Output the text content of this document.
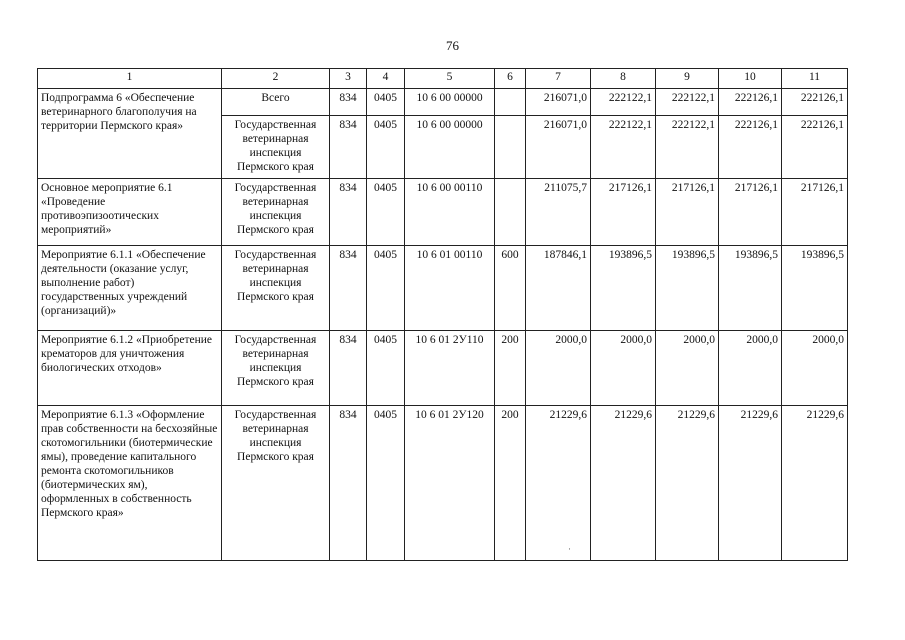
76
1	2	3	4	5	6	7	8	9	10	11
Подпрограмма 6 «Обеспечение ветеринарного благополучия на территории Пермского края»	Всего	834	0405	10 6 00 00000		216071,0	222122,1	222122,1	222126,1	222126,1
	Государственная ветеринарная инспекция Пермского края	834	0405	10 6 00 00000		216071,0	222122,1	222122,1	222126,1	222126,1
Основное мероприятие 6.1 «Проведение противоэпизоотических мероприятий»	Государственная ветеринарная инспекция Пермского края	834	0405	10 6 00 00110		211075,7	217126,1	217126,1	217126,1	217126,1
Мероприятие 6.1.1 «Обеспечение деятельности (оказание услуг, выполнение работ) государственных учреждений (организаций)»	Государственная ветеринарная инспекция Пермского края	834	0405	10 6 01 00110	600	187846,1	193896,5	193896,5	193896,5	193896,5
Мероприятие 6.1.2 «Приобретение крематоров для уничтожения биологических отходов»	Государственная ветеринарная инспекция Пермского края	834	0405	10 6 01 2У110	200	2000,0	2000,0	2000,0	2000,0	2000,0
Мероприятие 6.1.3 «Оформление прав собственности на бесхозяйные скотомогильники (биотермические ямы), проведение капитального ремонта скотомогильников (биотермических ям), оформленных в собственность Пермского края»	Государственная ветеринарная инспекция Пермского края	834	0405	10 6 01 2У120	200	21229,6	21229,6	21229,6	21229,6	21229,6
·
